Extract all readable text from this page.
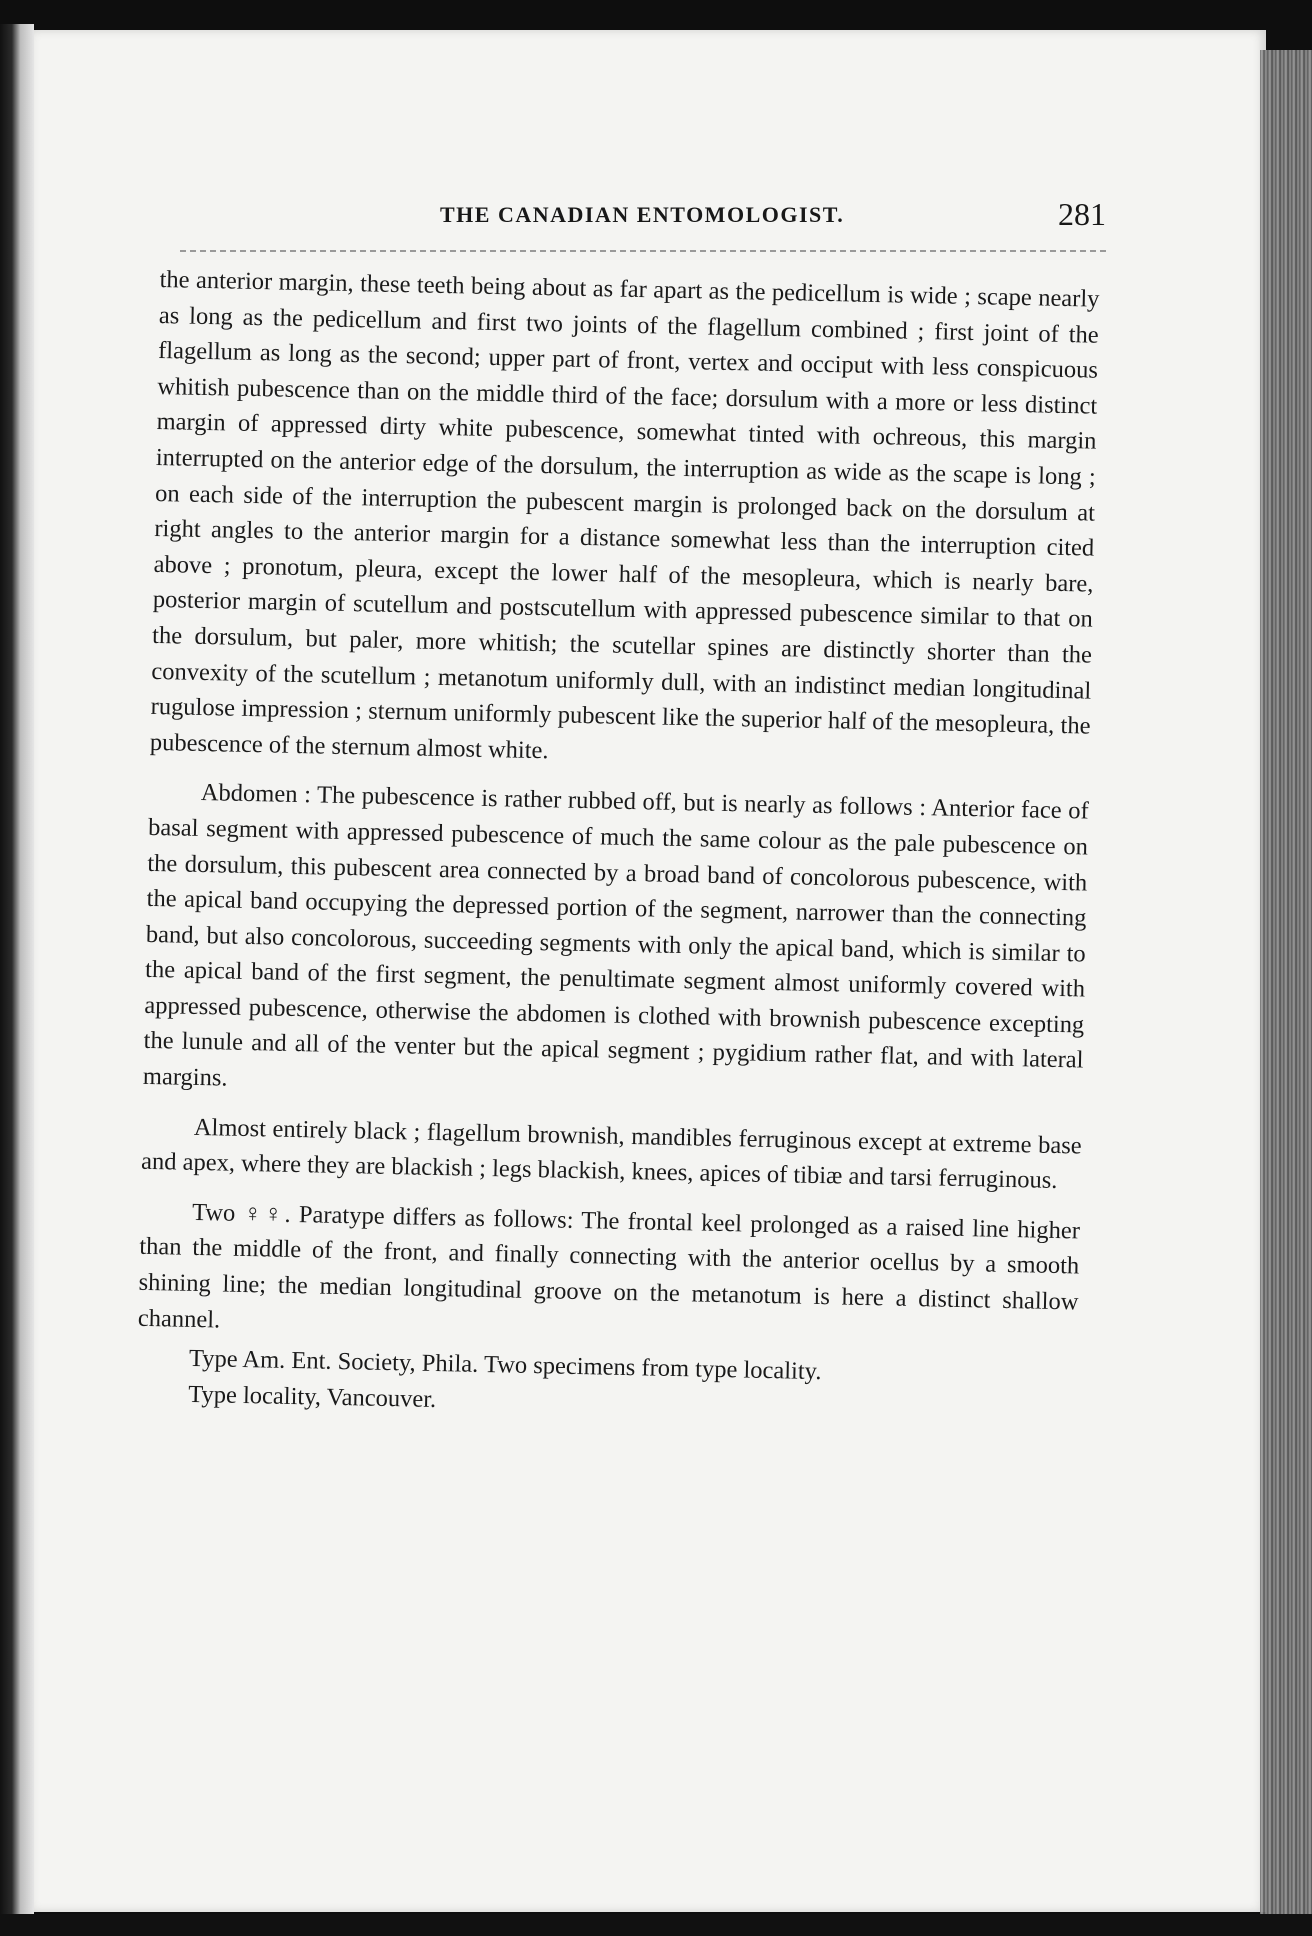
THE CANADIAN ENTOMOLOGIST.	281

the anterior margin, these teeth being about as far apart as the pedicellum is wide ; scape nearly as long as the pedicellum and first two joints of the flagellum combined ; first joint of the flagellum as long as the second; upper part of front, vertex and occiput with less conspicuous whitish pubescence than on the middle third of the face; dorsulum with a more or less distinct margin of appressed dirty white pubescence, somewhat tinted with ochreous, this margin interrupted on the anterior edge of the dorsulum, the interruption as wide as the scape is long ; on each side of the interruption the pubescent margin is prolonged back on the dorsulum at right angles to the anterior margin for a distance somewhat less than the interruption cited above ; pronotum, pleura, except the lower half of the mesopleura, which is nearly bare, posterior margin of scutellum and postscutellum with appressed pubescence similar to that on the dorsulum, but paler, more whitish; the scutellar spines are distinctly shorter than the convexity of the scutellum ; metanotum uniformly dull, with an indistinct median longitudinal rugulose impression ; sternum uniformly pubescent like the superior half of the mesopleura, the pubescence of the sternum almost white.

Abdomen : The pubescence is rather rubbed off, but is nearly as follows : Anterior face of basal segment with appressed pubescence of much the same colour as the pale pubescence on the dorsulum, this pubescent area connected by a broad band of concolorous pubescence, with the apical band occupying the depressed portion of the segment, narrower than the connecting band, but also concolorous, succeeding segments with only the apical band, which is similar to the apical band of the first segment, the penultimate segment almost uniformly covered with appressed pubescence, otherwise the abdomen is clothed with brownish pubescence excepting the lunule and all of the venter but the apical segment ; pygidium rather flat, and with lateral margins.

Almost entirely black ; flagellum brownish, mandibles ferruginous except at extreme base and apex, where they are blackish ; legs blackish, knees, apices of tibiæ and tarsi ferruginous.

Two ♀♀. Paratype differs as follows: The frontal keel prolonged as a raised line higher than the middle of the front, and finally connecting with the anterior ocellus by a smooth shining line; the median longitudinal groove on the metanotum is here a distinct shallow channel.

Type Am. Ent. Society, Phila. Two specimens from type locality.

Type locality, Vancouver.
